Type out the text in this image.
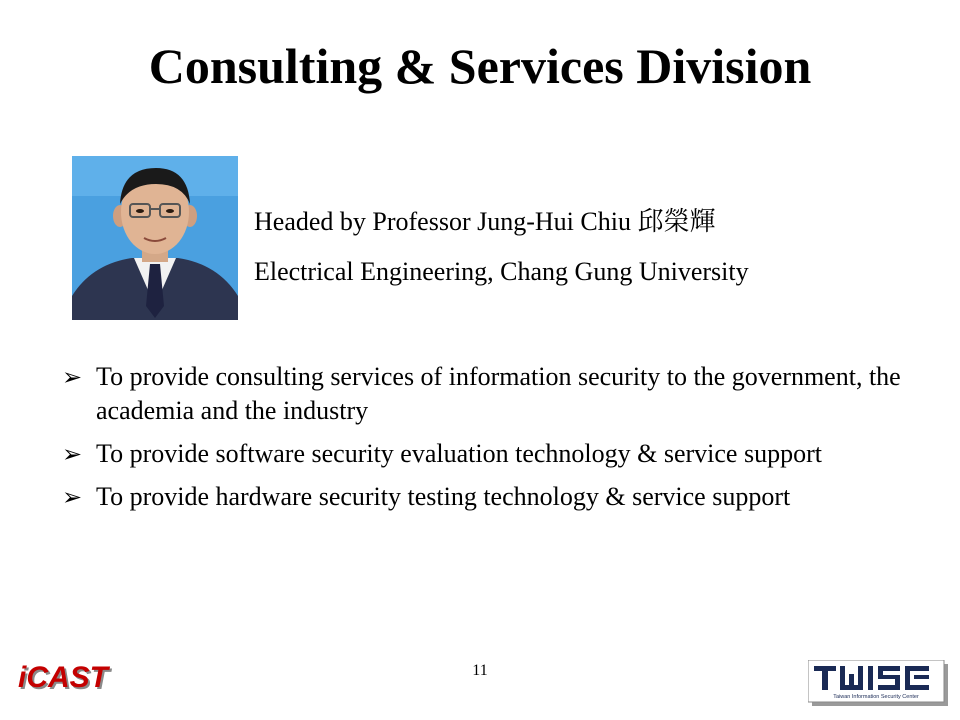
Consulting & Services Division
Headed by Professor Jung-Hui Chiu 邱榮輝
Electrical Engineering, Chang Gung University
➢ To provide consulting services of information security to the government, the academia and the industry
➢ To provide software security evaluation technology & service support
➢ To provide hardware security testing technology & service support
11
iCAST
Taiwan Information Security Center
